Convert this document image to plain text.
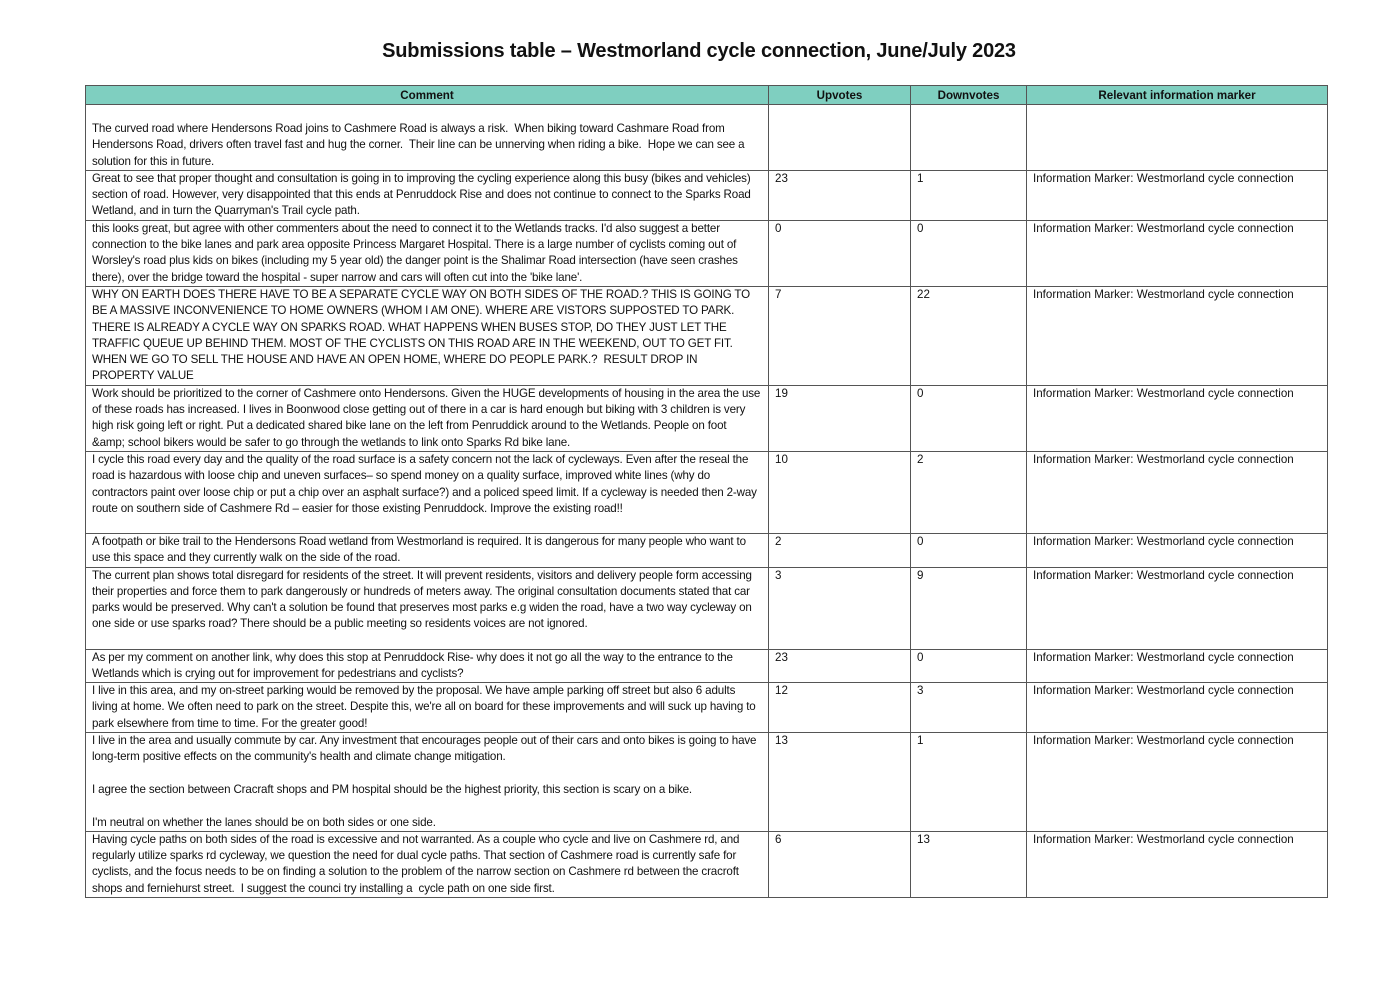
Submissions table – Westmorland cycle connection, June/July 2023
Comment	Upvotes	Downvotes	Relevant information marker
The curved road where Hendersons Road joins to Cashmere Road is always a risk.  When biking toward Cashmare Road from Hendersons Road, drivers often travel fast and hug the corner.  Their line can be unnerving when riding a bike.  Hope we can see a solution for this in future.			
Great to see that proper thought and consultation is going in to improving the cycling experience along this busy (bikes and vehicles) section of road. However, very disappointed that this ends at Penruddock Rise and does not continue to connect to the Sparks Road Wetland, and in turn the Quarryman's Trail cycle path.	23	1	Information Marker: Westmorland cycle connection
this looks great, but agree with other commenters about the need to connect it to the Wetlands tracks. I'd also suggest a better connection to the bike lanes and park area opposite Princess Margaret Hospital. There is a large number of cyclists coming out of Worsley's road plus kids on bikes (including my 5 year old) the danger point is the Shalimar Road intersection (have seen crashes there), over the bridge toward the hospital - super narrow and cars will often cut into the 'bike lane'.	0	0	Information Marker: Westmorland cycle connection
WHY ON EARTH DOES THERE HAVE TO BE A SEPARATE CYCLE WAY ON BOTH SIDES OF THE ROAD.? THIS IS GOING TO BE A MASSIVE INCONVENIENCE TO HOME OWNERS (WHOM I AM ONE). WHERE ARE VISTORS SUPPOSTED TO PARK. THERE IS ALREADY A CYCLE WAY ON SPARKS ROAD. WHAT HAPPENS WHEN BUSES STOP, DO THEY JUST LET THE TRAFFIC QUEUE UP BEHIND THEM. MOST OF THE CYCLISTS ON THIS ROAD ARE IN THE WEEKEND, OUT TO GET FIT. WHEN WE GO TO SELL THE HOUSE AND HAVE AN OPEN HOME, WHERE DO PEOPLE PARK.?  RESULT DROP IN PROPERTY VALUE	7	22	Information Marker: Westmorland cycle connection
Work should be prioritized to the corner of Cashmere onto Hendersons. Given the HUGE developments of housing in the area the use of these roads has increased. I lives in Boonwood close getting out of there in a car is hard enough but biking with 3 children is very high risk going left or right. Put a dedicated shared bike lane on the left from Penruddick around to the Wetlands. People on foot &amp; school bikers would be safer to go through the wetlands to link onto Sparks Rd bike lane.	19	0	Information Marker: Westmorland cycle connection
I cycle this road every day and the quality of the road surface is a safety concern not the lack of cycleways. Even after the reseal the road is hazardous with loose chip and uneven surfaces– so spend money on a quality surface, improved white lines (why do contractors paint over loose chip or put a chip over an asphalt surface?) and a policed speed limit. If a cycleway is needed then 2-way route on southern side of Cashmere Rd – easier for those existing Penruddock. Improve the existing road!!	10	2	Information Marker: Westmorland cycle connection
A footpath or bike trail to the Hendersons Road wetland from Westmorland is required. It is dangerous for many people who want to use this space and they currently walk on the side of the road.	2	0	Information Marker: Westmorland cycle connection
The current plan shows total disregard for residents of the street. It will prevent residents, visitors and delivery people form accessing their properties and force them to park dangerously or hundreds of meters away. The original consultation documents stated that car parks would be preserved. Why can't a solution be found that preserves most parks e.g widen the road, have a two way cycleway on one side or use sparks road? There should be a public meeting so residents voices are not ignored.	3	9	Information Marker: Westmorland cycle connection
As per my comment on another link, why does this stop at Penruddock Rise- why does it not go all the way to the entrance to the Wetlands which is crying out for improvement for pedestrians and cyclists?	23	0	Information Marker: Westmorland cycle connection
I live in this area, and my on-street parking would be removed by the proposal. We have ample parking off street but also 6 adults living at home. We often need to park on the street. Despite this, we're all on board for these improvements and will suck up having to park elsewhere from time to time. For the greater good!	12	3	Information Marker: Westmorland cycle connection
I live in the area and usually commute by car. Any investment that encourages people out of their cars and onto bikes is going to have long-term positive effects on the community's health and climate change mitigation.

I agree the section between Cracraft shops and PM hospital should be the highest priority, this section is scary on a bike.

I'm neutral on whether the lanes should be on both sides or one side.	13	1	Information Marker: Westmorland cycle connection
Having cycle paths on both sides of the road is excessive and not warranted. As a couple who cycle and live on Cashmere rd, and regularly utilize sparks rd cycleway, we question the need for dual cycle paths. That section of Cashmere road is currently safe for cyclists, and the focus needs to be on finding a solution to the problem of the narrow section on Cashmere rd between the cracroft shops and ferniehurst street.  I suggest the counci try installing a  cycle path on one side first.	6	13	Information Marker: Westmorland cycle connection
